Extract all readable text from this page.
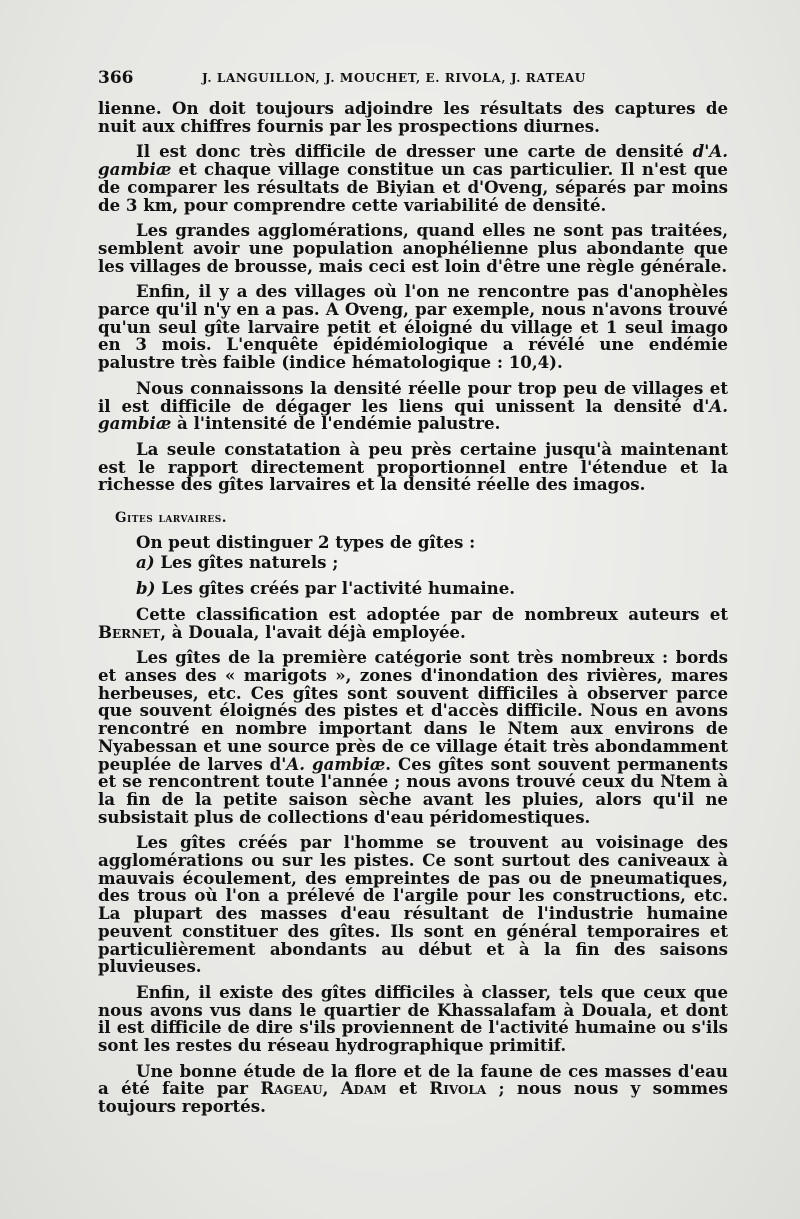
366	J. LANGUILLON, J. MOUCHET, E. RIVOLA, J. RATEAU

lienne. On doit toujours adjoindre les résultats des captures de nuit aux chiffres fournis par les prospections diurnes.

Il est donc très difficile de dresser une carte de densité d'A. gambiæ et chaque village constitue un cas particulier. Il n'est que de comparer les résultats de Biyian et d'Oveng, séparés par moins de 3 km, pour comprendre cette variabilité de densité.

Les grandes agglomérations, quand elles ne sont pas traitées, semblent avoir une population anophélienne plus abondante que les villages de brousse, mais ceci est loin d'être une règle générale.

Enfin, il y a des villages où l'on ne rencontre pas d'anophèles parce qu'il n'y en a pas. A Oveng, par exemple, nous n'avons trouvé qu'un seul gîte larvaire petit et éloigné du village et 1 seul imago en 3 mois. L'enquête épidémiologique a révélé une endémie palustre très faible (indice hématologique : 10,4).

Nous connaissons la densité réelle pour trop peu de villages et il est difficile de dégager les liens qui unissent la densité d'A. gambiæ à l'intensité de l'endémie palustre.

La seule constatation à peu près certaine jusqu'à maintenant est le rapport directement proportionnel entre l'étendue et la richesse des gîtes larvaires et la densité réelle des imagos.

Gites larvaires.

On peut distinguer 2 types de gîtes :

a) Les gîtes naturels ;

b) Les gîtes créés par l'activité humaine.

Cette classification est adoptée par de nombreux auteurs et Bernet, à Douala, l'avait déjà employée.

Les gîtes de la première catégorie sont très nombreux : bords et anses des « marigots », zones d'inondation des rivières, mares herbeuses, etc. Ces gîtes sont souvent difficiles à observer parce que souvent éloignés des pistes et d'accès difficile. Nous en avons rencontré en nombre important dans le Ntem aux environs de Nyabessan et une source près de ce village était très abondamment peuplée de larves d'A. gambiæ. Ces gîtes sont souvent permanents et se rencontrent toute l'année ; nous avons trouvé ceux du Ntem à la fin de la petite saison sèche avant les pluies, alors qu'il ne subsistait plus de collections d'eau péridomestiques.

Les gîtes créés par l'homme se trouvent au voisinage des agglomérations ou sur les pistes. Ce sont surtout des caniveaux à mauvais écoulement, des empreintes de pas ou de pneumatiques, des trous où l'on a prélevé de l'argile pour les constructions, etc. La plupart des masses d'eau résultant de l'industrie humaine peuvent constituer des gîtes. Ils sont en général temporaires et particulièrement abondants au début et à la fin des saisons pluvieuses.

Enfin, il existe des gîtes difficiles à classer, tels que ceux que nous avons vus dans le quartier de Khassalafam à Douala, et dont il est difficile de dire s'ils proviennent de l'activité humaine ou s'ils sont les restes du réseau hydrographique primitif.

Une bonne étude de la flore et de la faune de ces masses d'eau a été faite par Rageau, Adam et Rivola ; nous nous y sommes toujours reportés.
